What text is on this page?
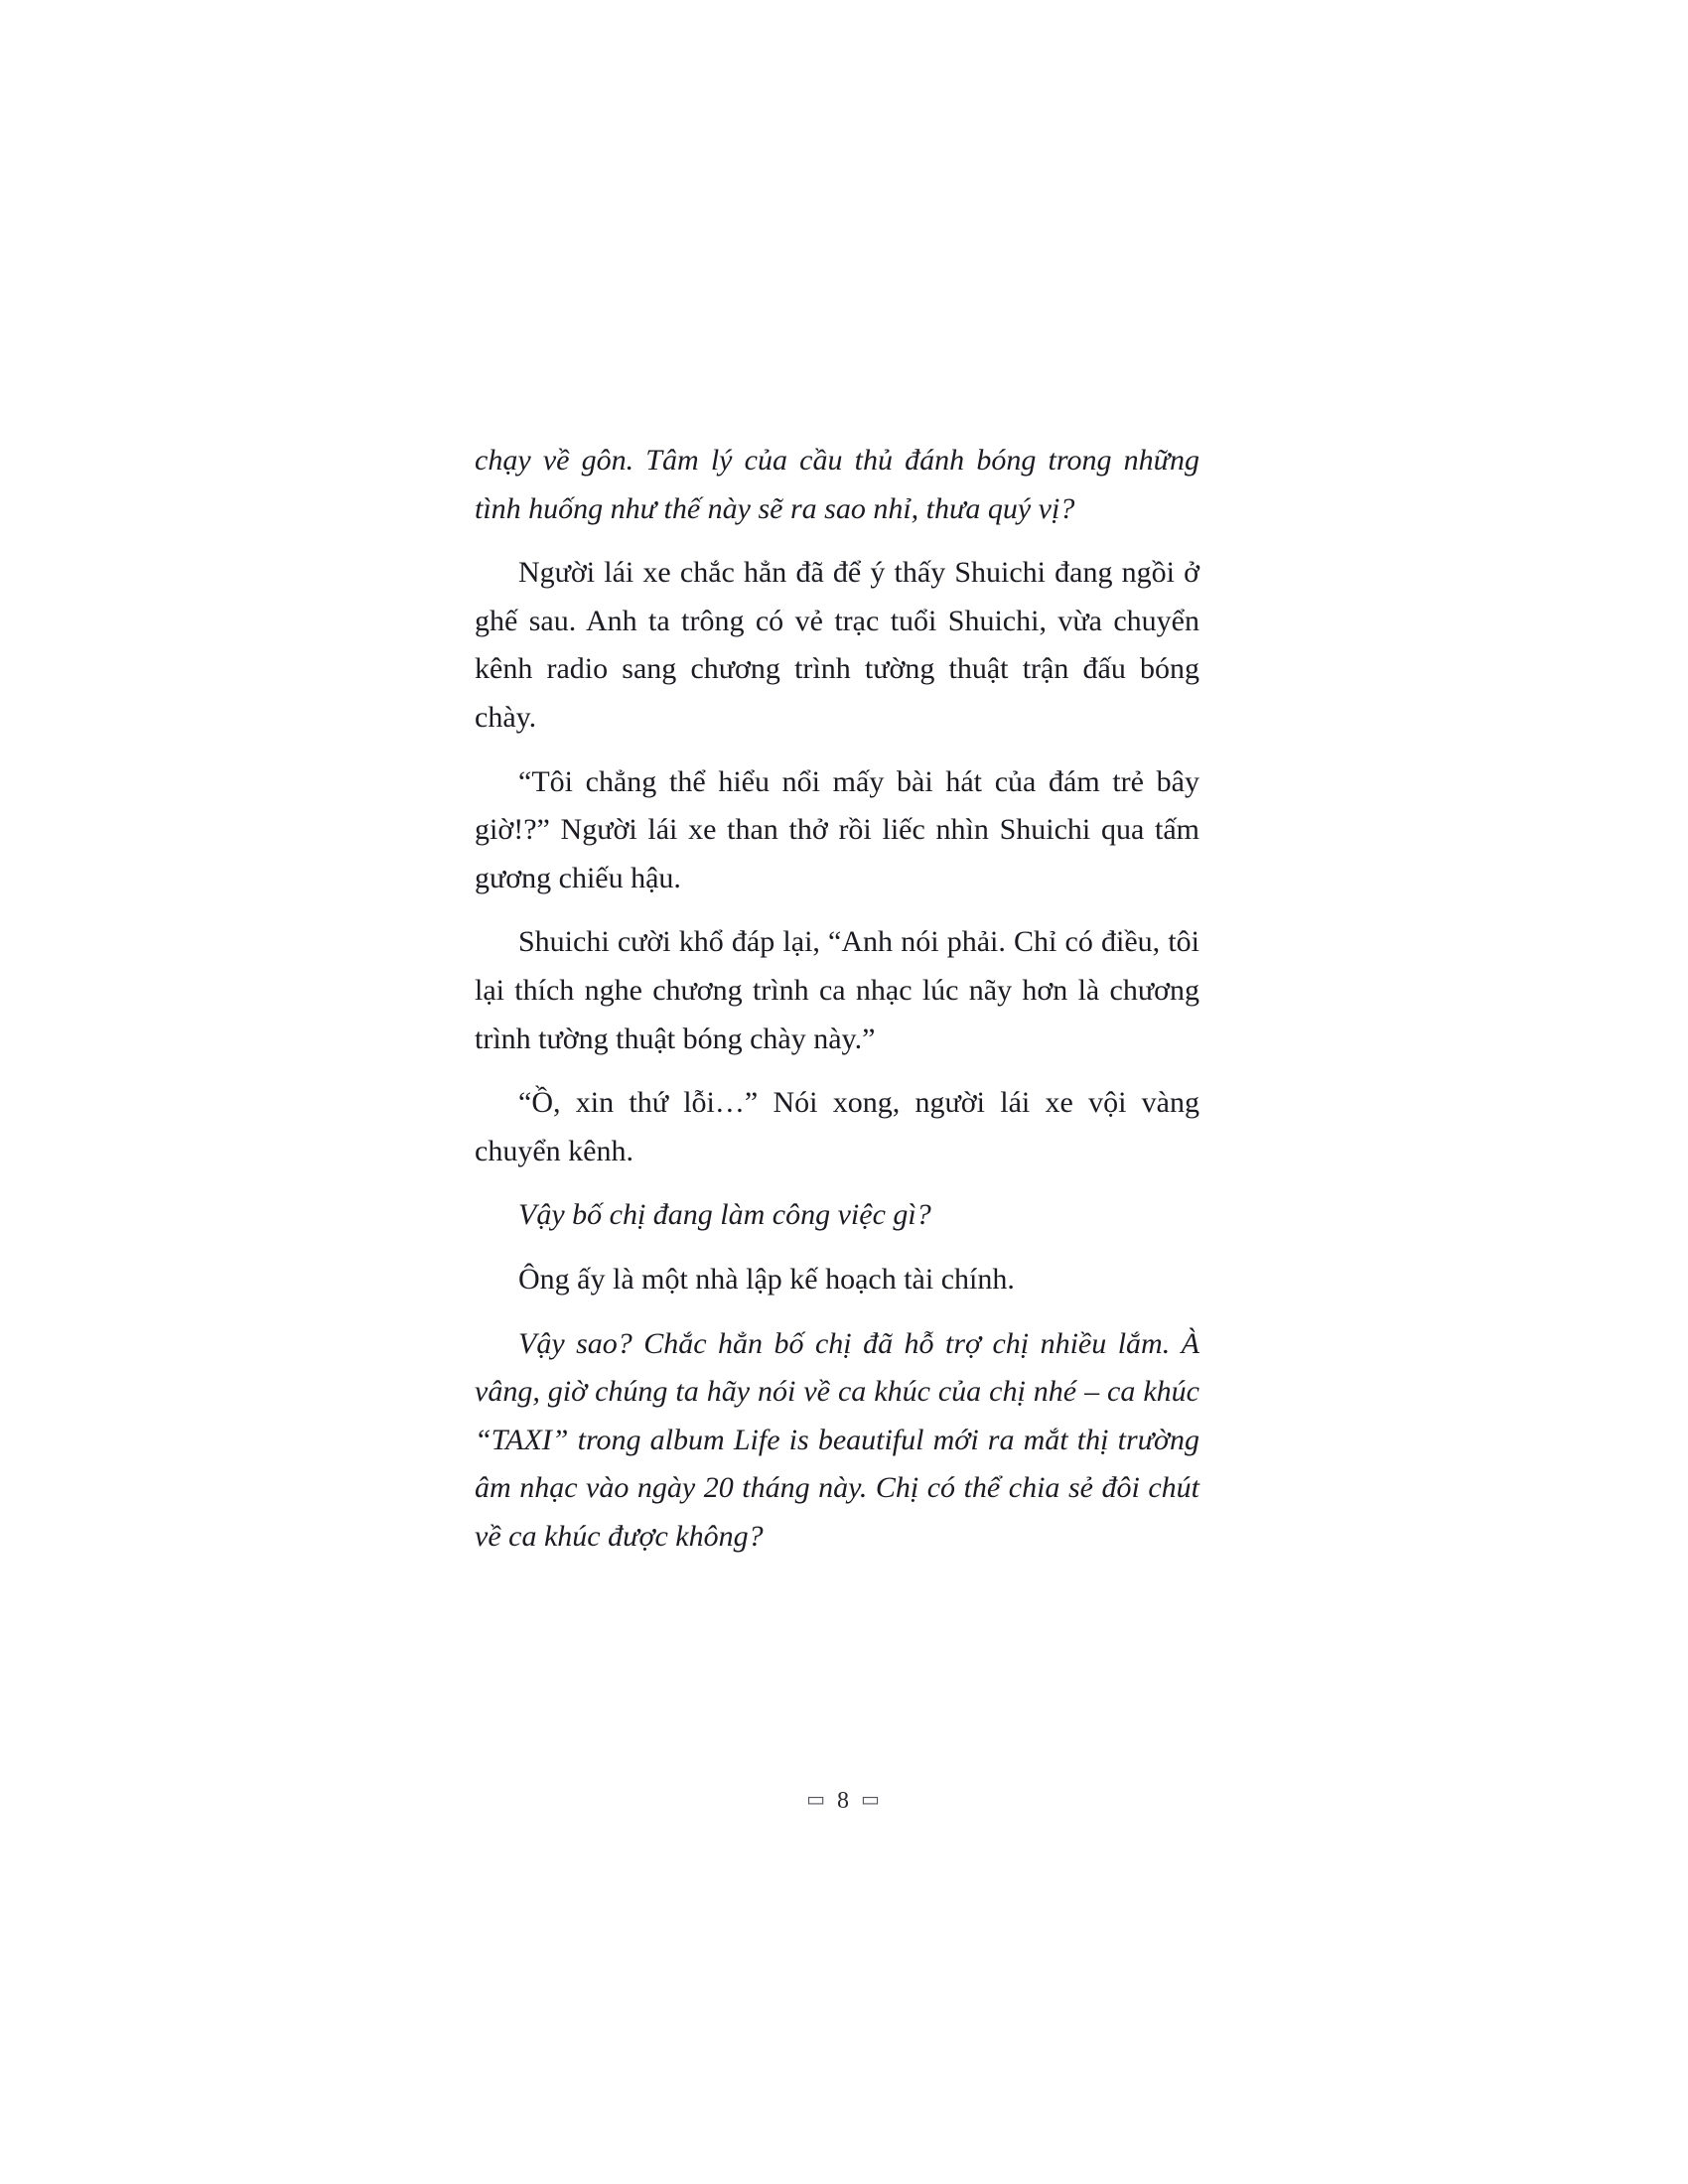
chạy về gôn. Tâm lý của cầu thủ đánh bóng trong những tình huống như thế này sẽ ra sao nhỉ, thưa quý vị?

Người lái xe chắc hẳn đã để ý thấy Shuichi đang ngồi ở ghế sau. Anh ta trông có vẻ trạc tuổi Shuichi, vừa chuyển kênh radio sang chương trình tường thuật trận đấu bóng chày.

“Tôi chẳng thể hiểu nổi mấy bài hát của đám trẻ bây giờ!?” Người lái xe than thở rồi liếc nhìn Shuichi qua tấm gương chiếu hậu.

Shuichi cười khổ đáp lại, “Anh nói phải. Chỉ có điều, tôi lại thích nghe chương trình ca nhạc lúc nãy hơn là chương trình tường thuật bóng chày này.”

“Ồ, xin thứ lỗi…” Nói xong, người lái xe vội vàng chuyển kênh.

Vậy bố chị đang làm công việc gì?

Ông ấy là một nhà lập kế hoạch tài chính.

Vậy sao? Chắc hẳn bố chị đã hỗ trợ chị nhiều lắm. À vâng, giờ chúng ta hãy nói về ca khúc của chị nhé – ca khúc “TAXI” trong album Life is beautiful mới ra mắt thị trường âm nhạc vào ngày 20 tháng này. Chị có thể chia sẻ đôi chút về ca khúc được không?

▭ 8 ▭
